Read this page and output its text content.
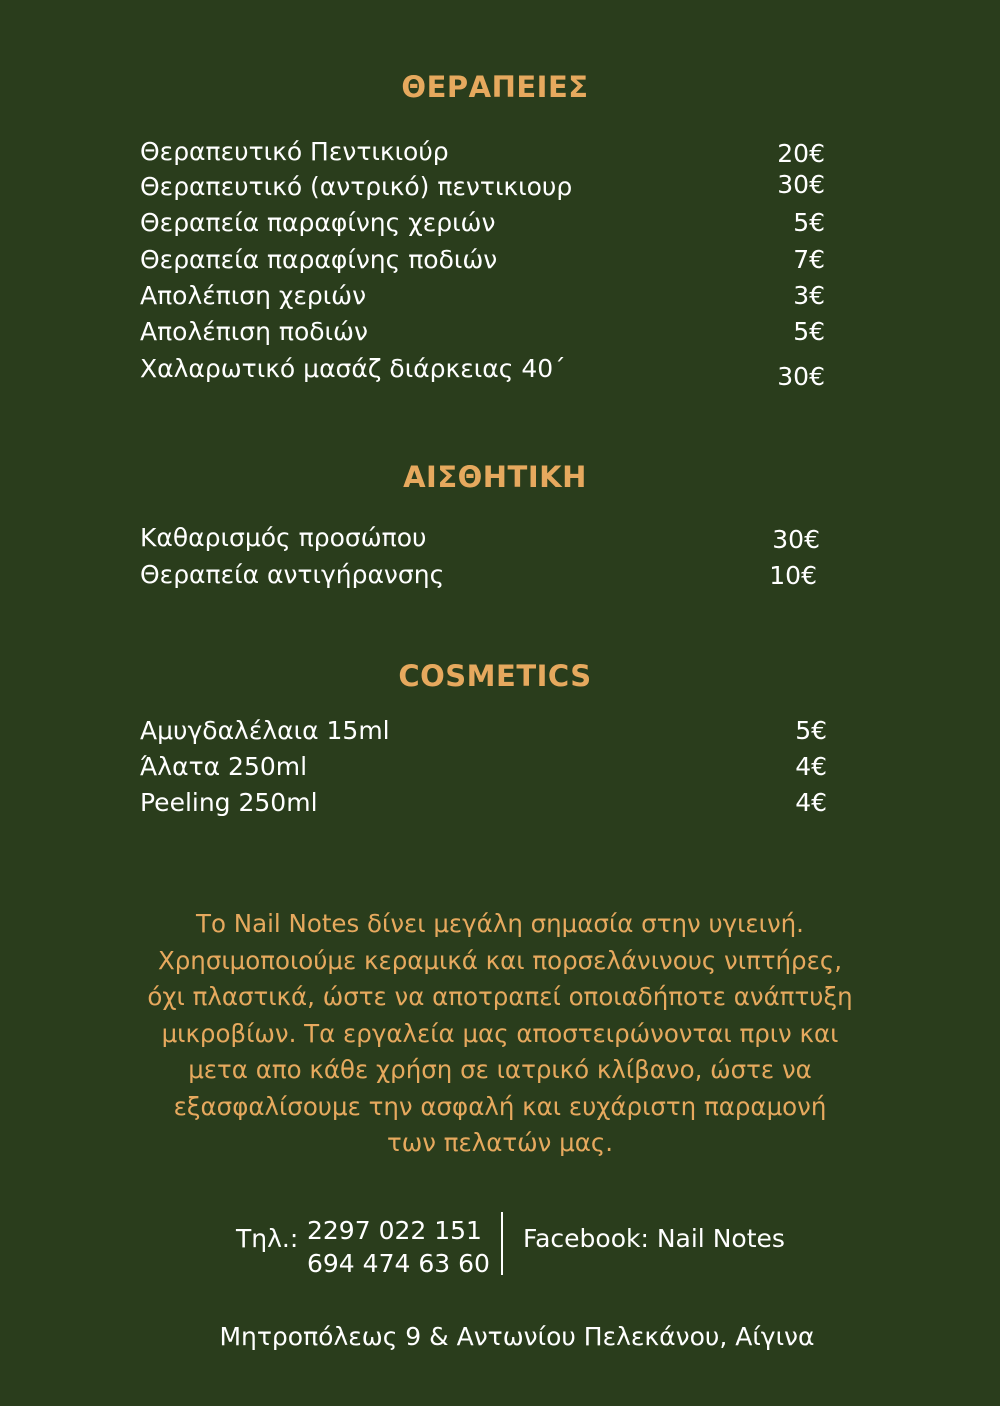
ΘΕΡΑΠΕΙΕΣ
Θεραπευτικό Πεντικιούρ	20€
Θεραπευτικό (αντρικό) πεντικιουρ	30€
Θεραπεία παραφίνης χεριών	5€
Θεραπεία παραφίνης ποδιών	7€
Απολέπιση χεριών	3€
Απολέπιση ποδιών	5€
Χαλαρωτικό μασάζ διάρκειας 40΄	30€
ΑΙΣΘΗΤΙΚΗ
Καθαρισμός προσώπου	30€
Θεραπεία αντιγήρανσης	10€
COSMETICS
Αμυγδαλέλαια 15ml	5€
Άλατα 250ml	4€
Peeling 250ml	4€
Το Nail Notes δίνει μεγάλη σημασία στην υγιεινή.
Χρησιμοποιούμε κεραμικά και πορσελάνινους νιπτήρες,
όχι πλαστικά, ώστε να αποτραπεί οποιαδήποτε ανάπτυξη
μικροβίων. Τα εργαλεία μας αποστειρώνονται πριν και
μετα απο κάθε χρήση σε ιατρικό κλίβανο, ώστε να
εξασφαλίσουμε την ασφαλή και ευχάριστη παραμονή
των πελατών μας.
Τηλ.: 2297 022 151
694 474 63 60
Facebook: Nail Notes
Μητροπόλεως 9 & Αντωνίου Πελεκάνου, Αίγινα
